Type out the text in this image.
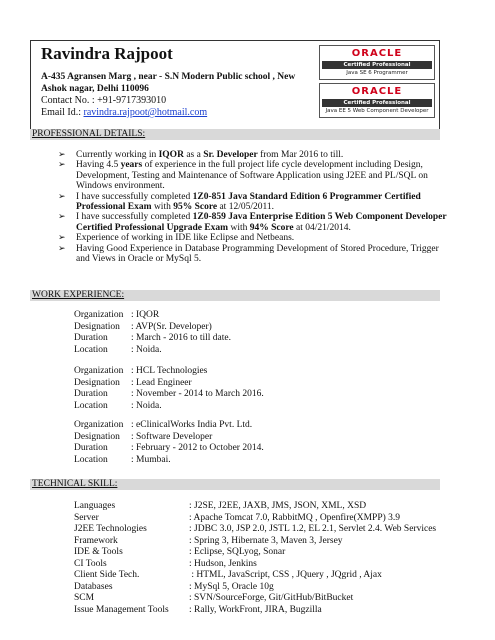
Ravindra Rajpoot
A-435 Agransen Marg , near - S.N Modern Public school , New Ashok nagar, Delhi 110096
Contact No. : +91-9717393010
Email Id.: ravindra.rajpoot@hotmail.com
ORACLE
Certified Professional
Java SE 6 Programmer
ORACLE
Certified Professional
Java EE 5 Web Component Developer
PROFESSIONAL DETAILS:
➢ Currently working in IQOR as a Sr. Developer from Mar 2016 to till.
➢ Having 4.5 years of experience in the full project life cycle development including Design, Development, Testing and Maintenance of Software Application using J2EE and PL/SQL on Windows environment.
➢ I have successfully completed 1Z0-851 Java Standard Edition 6 Programmer Certified Professional Exam with 95% Score at 12/05/2011.
➢ I have successfully completed 1Z0-859 Java Enterprise Edition 5 Web Component Developer Certified Professional Upgrade Exam with 94% Score at 04/21/2014.
➢ Experience of working in IDE like Eclipse and Netbeans.
➢ Having Good Experience in Database Programming Development of Stored Procedure, Trigger and Views in Oracle or MySql 5.
WORK EXPERIENCE:
Organization : IQOR
Designation : AVP(Sr. Developer)
Duration : March - 2016 to till date.
Location : Noida.
Organization : HCL Technologies
Designation : Lead Engineer
Duration : November - 2014 to March 2016.
Location : Noida.
Organization : eClinicalWorks India Pvt. Ltd.
Designation : Software Developer
Duration : February - 2012 to October 2014.
Location : Mumbai.
TECHNICAL SKILL:
Languages	: J2SE, J2EE, JAXB, JMS, JSON, XML, XSD
Server	: Apache Tomcat 7.0, RabbitMQ , Openfire(XMPP) 3.9
J2EE Technologies	: JDBC 3.0, JSP 2.0, JSTL 1.2, EL 2.1, Servlet 2.4. Web Services
Framework	: Spring 3, Hibernate 3, Maven 3, Jersey
IDE & Tools	: Eclipse, SQLyog, Sonar
CI Tools	: Hudson, Jenkins
Client Side Tech.	: HTML, JavaScript, CSS , JQuery , JQgrid , Ajax
Databases	: MySql 5, Oracle 10g
SCM	: SVN/SourceForge, Git/GitHub/BitBucket
Issue Management Tools : Rally, WorkFront, JIRA, Bugzilla
